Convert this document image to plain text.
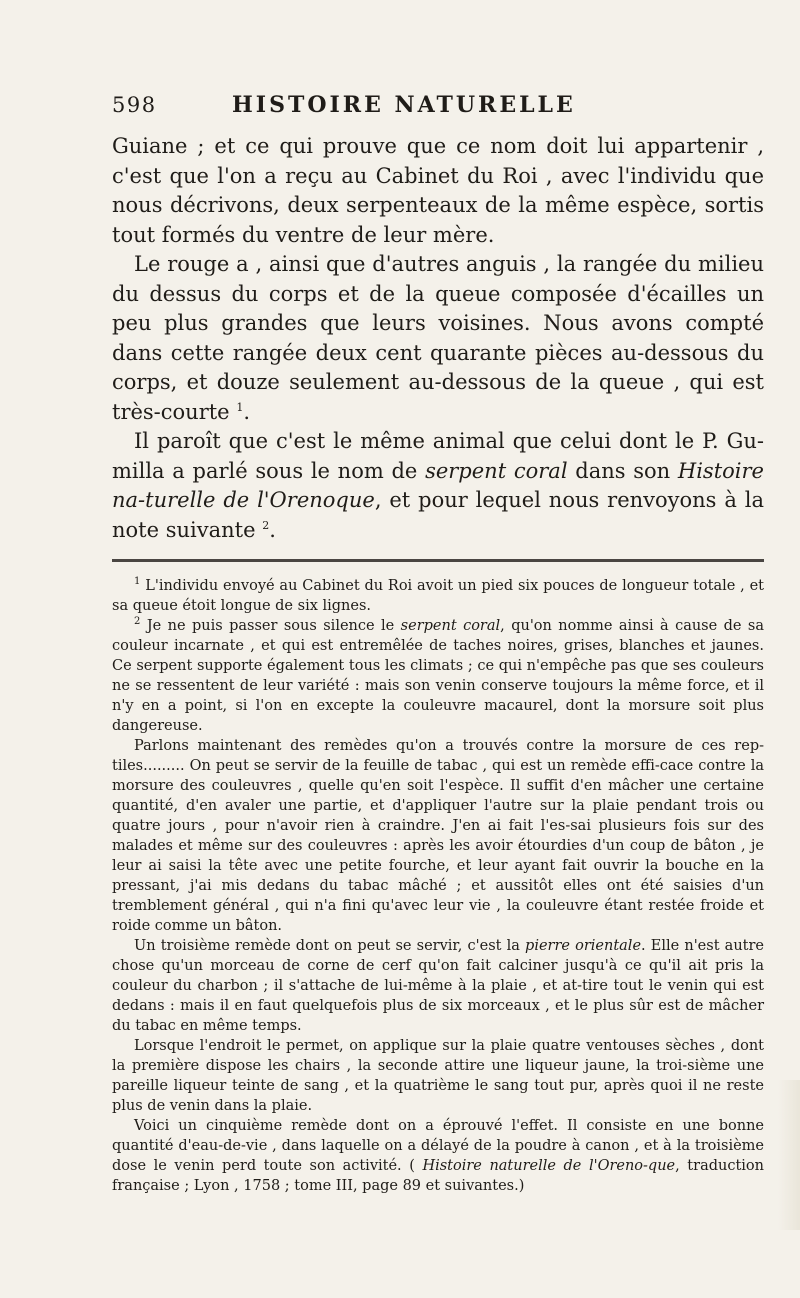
598	HISTOIRE NATURELLE

Guiane ; et ce qui prouve que ce nom doit lui appartenir , c'est que l'on a reçu au Cabinet du Roi , avec l'individu que nous décrivons, deux serpenteaux de la même espèce, sortis tout formés du ventre de leur mère.

Le rouge a , ainsi que d'autres anguis , la rangée du milieu du dessus du corps et de la queue composée d'écailles un peu plus grandes que leurs voisines. Nous avons compté dans cette rangée deux cent quarante pièces au-dessous du corps, et douze seulement au-dessous de la queue , qui est très-courte $^1$.

Il paroît que c'est le même animal que celui dont le P. Gu-milla a parlé sous le nom de serpent coral dans son Histoire na-turelle de l'Orenoque, et pour lequel nous renvoyons à la note suivante $^2$.

$^1$ L'individu envoyé au Cabinet du Roi avoit un pied six pouces de longueur totale , et sa queue étoit longue de six lignes.

$^2$ Je ne puis passer sous silence le serpent coral, qu'on nomme ainsi à cause de sa couleur incarnate , et qui est entremêlée de taches noires, grises, blanches et jaunes. Ce serpent supporte également tous les climats ; ce qui n'empêche pas que ses couleurs ne se ressentent de leur variété : mais son venin conserve toujours la même force, et il n'y en a point, si l'on en excepte la couleuvre macaurel, dont la morsure soit plus dangereuse.

Parlons maintenant des remèdes qu'on a trouvés contre la morsure de ces rep-tiles......... On peut se servir de la feuille de tabac , qui est un remède effi-cace contre la morsure des couleuvres , quelle qu'en soit l'espèce. Il suffit d'en mâcher une certaine quantité, d'en avaler une partie, et d'appliquer l'autre sur la plaie pendant trois ou quatre jours , pour n'avoir rien à craindre. J'en ai fait l'es-sai plusieurs fois sur des malades et même sur des couleuvres : après les avoir étourdies d'un coup de bâton , je leur ai saisi la tête avec une petite fourche, et leur ayant fait ouvrir la bouche en la pressant, j'ai mis dedans du tabac mâché ; et aussitôt elles ont été saisies d'un tremblement général , qui n'a fini qu'avec leur vie , la couleuvre étant restée froide et roide comme un bâton.

Un troisième remède dont on peut se servir, c'est la pierre orientale. Elle n'est autre chose qu'un morceau de corne de cerf qu'on fait calciner jusqu'à ce qu'il ait pris la couleur du charbon ; il s'attache de lui-même à la plaie , et at-tire tout le venin qui est dedans : mais il en faut quelquefois plus de six morceaux , et le plus sûr est de mâcher du tabac en même temps.

Lorsque l'endroit le permet, on applique sur la plaie quatre ventouses sèches , dont la première dispose les chairs , la seconde attire une liqueur jaune, la troi-sième une pareille liqueur teinte de sang , et la quatrième le sang tout pur, après quoi il ne reste plus de venin dans la plaie.

Voici un cinquième remède dont on a éprouvé l'effet. Il consiste en une bonne quantité d'eau-de-vie , dans laquelle on a délayé de la poudre à canon , et à la troisième dose le venin perd toute son activité. ( Histoire naturelle de l'Oreno-que, traduction française ; Lyon , 1758 ; tome III, page 89 et suivantes.)
